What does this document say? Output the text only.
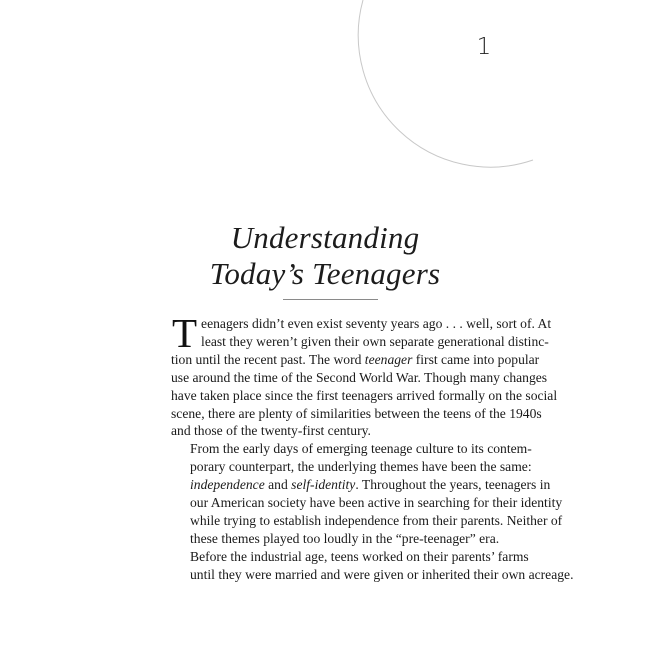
1
Understanding
Today’s Teenagers

T eenagers didn’t even exist seventy years ago . . . well, sort of. At
least they weren’t given their own separate generational distinc-
tion until the recent past. The word teenager first came into popular
use around the time of the Second World War. Though many changes
have taken place since the first teenagers arrived formally on the social
scene, there are plenty of similarities between the teens of the 1940s
and those of the twenty-first century.

From the early days of emerging teenage culture to its contem-
porary counterpart, the underlying themes have been the same:
independence and self-identity. Throughout the years, teenagers in
our American society have been active in searching for their identity
while trying to establish independence from their parents. Neither of
these themes played too loudly in the “pre-teenager” era.

Before the industrial age, teens worked on their parents’ farms
until they were married and were given or inherited their own acreage.
